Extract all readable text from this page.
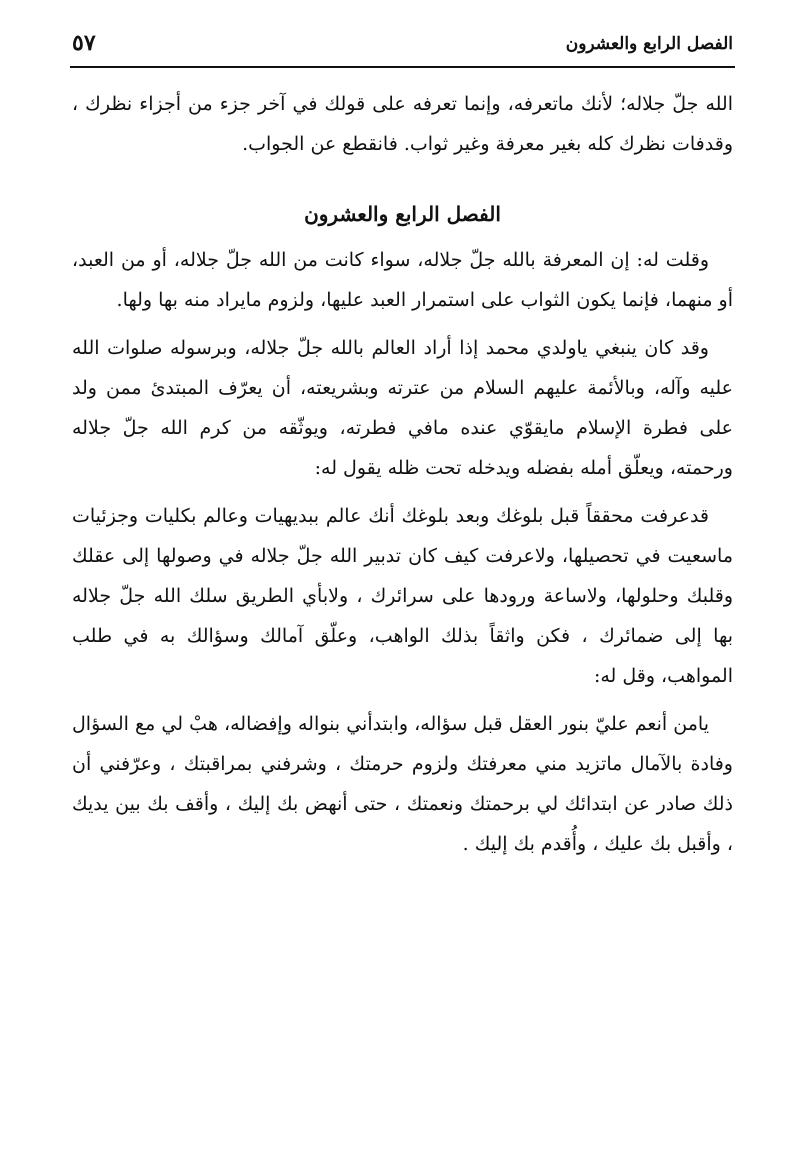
الفصل الرابع والعشرون
٥٧

الله جلّ جلاله؛ لأنك ماتعرفه، وإنما تعرفه على قولك في آخر جزء من أجزاء نظرك ، وقدفات نظرك كله بغير معرفة وغير ثواب. فانقطع عن الجواب.

الفصل الرابع والعشرون

وقلت له: إن المعرفة بالله جلّ جلاله، سواء كانت من الله جلّ جلاله، أو من العبد، أو منهما، فإنما يكون الثواب على استمرار العبد عليها، ولزوم مايراد منه بها ولها.

وقد كان ينبغي ياولدي محمد إذا أراد العالم بالله جلّ جلاله، وبرسوله صلوات الله عليه وآله، وبالأئمة عليهم السلام من عترته وبشريعته، أن يعرّف المبتدئ ممن ولد على فطرة الإسلام مايقوّي عنده مافي فطرته، ويوثّقه من كرم الله جلّ جلاله ورحمته، ويعلّق أمله بفضله ويدخله تحت ظله يقول له:

قدعرفت محققاً قبل بلوغك وبعد بلوغك أنك عالم ببديهيات وعالم بكليات وجزئيات ماسعيت في تحصيلها، ولاعرفت كيف كان تدبير الله جلّ جلاله في وصولها إلى عقلك وقلبك وحلولها، ولاساعة ورودها على سرائرك ، ولابأي الطريق سلك الله جلّ جلاله بها إلى ضمائرك ، فكن واثقاً بذلك الواهب، وعلّق آمالك وسؤالك به في طلب المواهب، وقل له:

يامن أنعم عليّ بنور العقل قبل سؤاله، وابتدأني بنواله وإفضاله، هبْ لي مع السؤال وفادة بالآمال ماتزيد مني معرفتك ولزوم حرمتك ، وشرفني بمراقبتك ، وعرّفني أن ذلك صادر عن ابتدائك لي برحمتك ونعمتك ، حتى أنهض بك إليك ، وأقف بك بين يديك ، وأقبل بك عليك ، وأُقدم بك إليك .
